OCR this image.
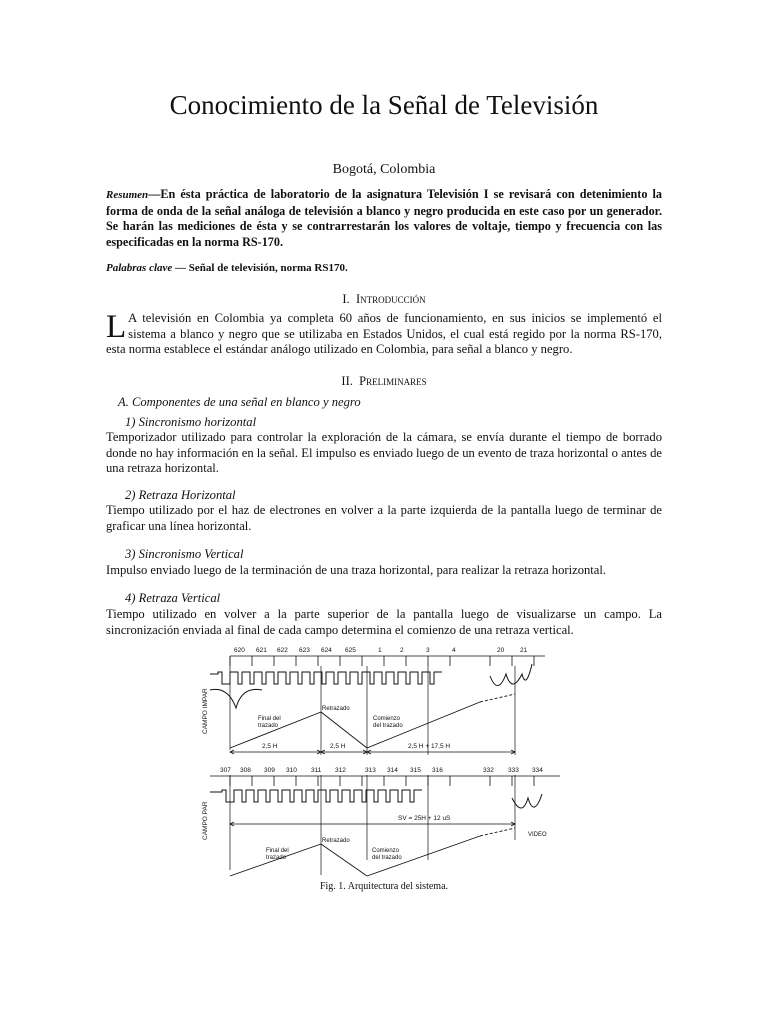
Conocimiento de la Señal de Televisión
Bogotá, Colombia
Resumen—En ésta práctica de laboratorio de la asignatura Televisión I se revisará con detenimiento la forma de onda de la señal análoga de televisión a blanco y negro producida en este caso por un generador. Se harán las mediciones de ésta y se contrarrestarán los valores de voltaje, tiempo y frecuencia con las especificadas en la norma RS-170.
Palabras clave — Señal de televisión, norma RS170.
I. Introducción
L A televisión en Colombia ya completa 60 años de funcionamiento, en sus inicios se implementó el sistema a blanco y negro que se utilizaba en Estados Unidos, el cual está regido por la norma RS-170, esta norma establece el estándar análogo utilizado en Colombia, para señal a blanco y negro.
II. Preliminares
A. Componentes de una señal en blanco y negro
1) Sincronismo horizontal
Temporizador utilizado para controlar la exploración de la cámara, se envía durante el tiempo de borrado donde no hay información en la señal. El impulso es enviado luego de un evento de traza horizontal o antes de una retraza horizontal.
2) Retraza Horizontal
Tiempo utilizado por el haz de electrones en volver a la parte izquierda de la pantalla luego de terminar de graficar una línea horizontal.
3) Sincronismo Vertical
Impulso enviado luego de la terminación de una traza horizontal, para realizar la retraza horizontal.
4) Retraza Vertical
Tiempo utilizado en volver a la parte superior de la pantalla luego de visualizarse un campo. La sincronización enviada al final de cada campo determina el comienzo de una retraza vertical.
620 621 622 623 624 625	1	2	3	4	20 21
CAMPO IMPAR
CAMPO PAR
Retrazado
Final del
trazado
Comienzo
del trazado
2,5 H	2,5 H	2,5 H + 17,5 H
307 308 309 310 311 312	313 314 315 316	332 333 334
SV = 25H + 12 uS
VIDEO
Retrazado
Final del
trazado
Comienzo
del trazado
Fig. 1. Arquitectura del sistema.
